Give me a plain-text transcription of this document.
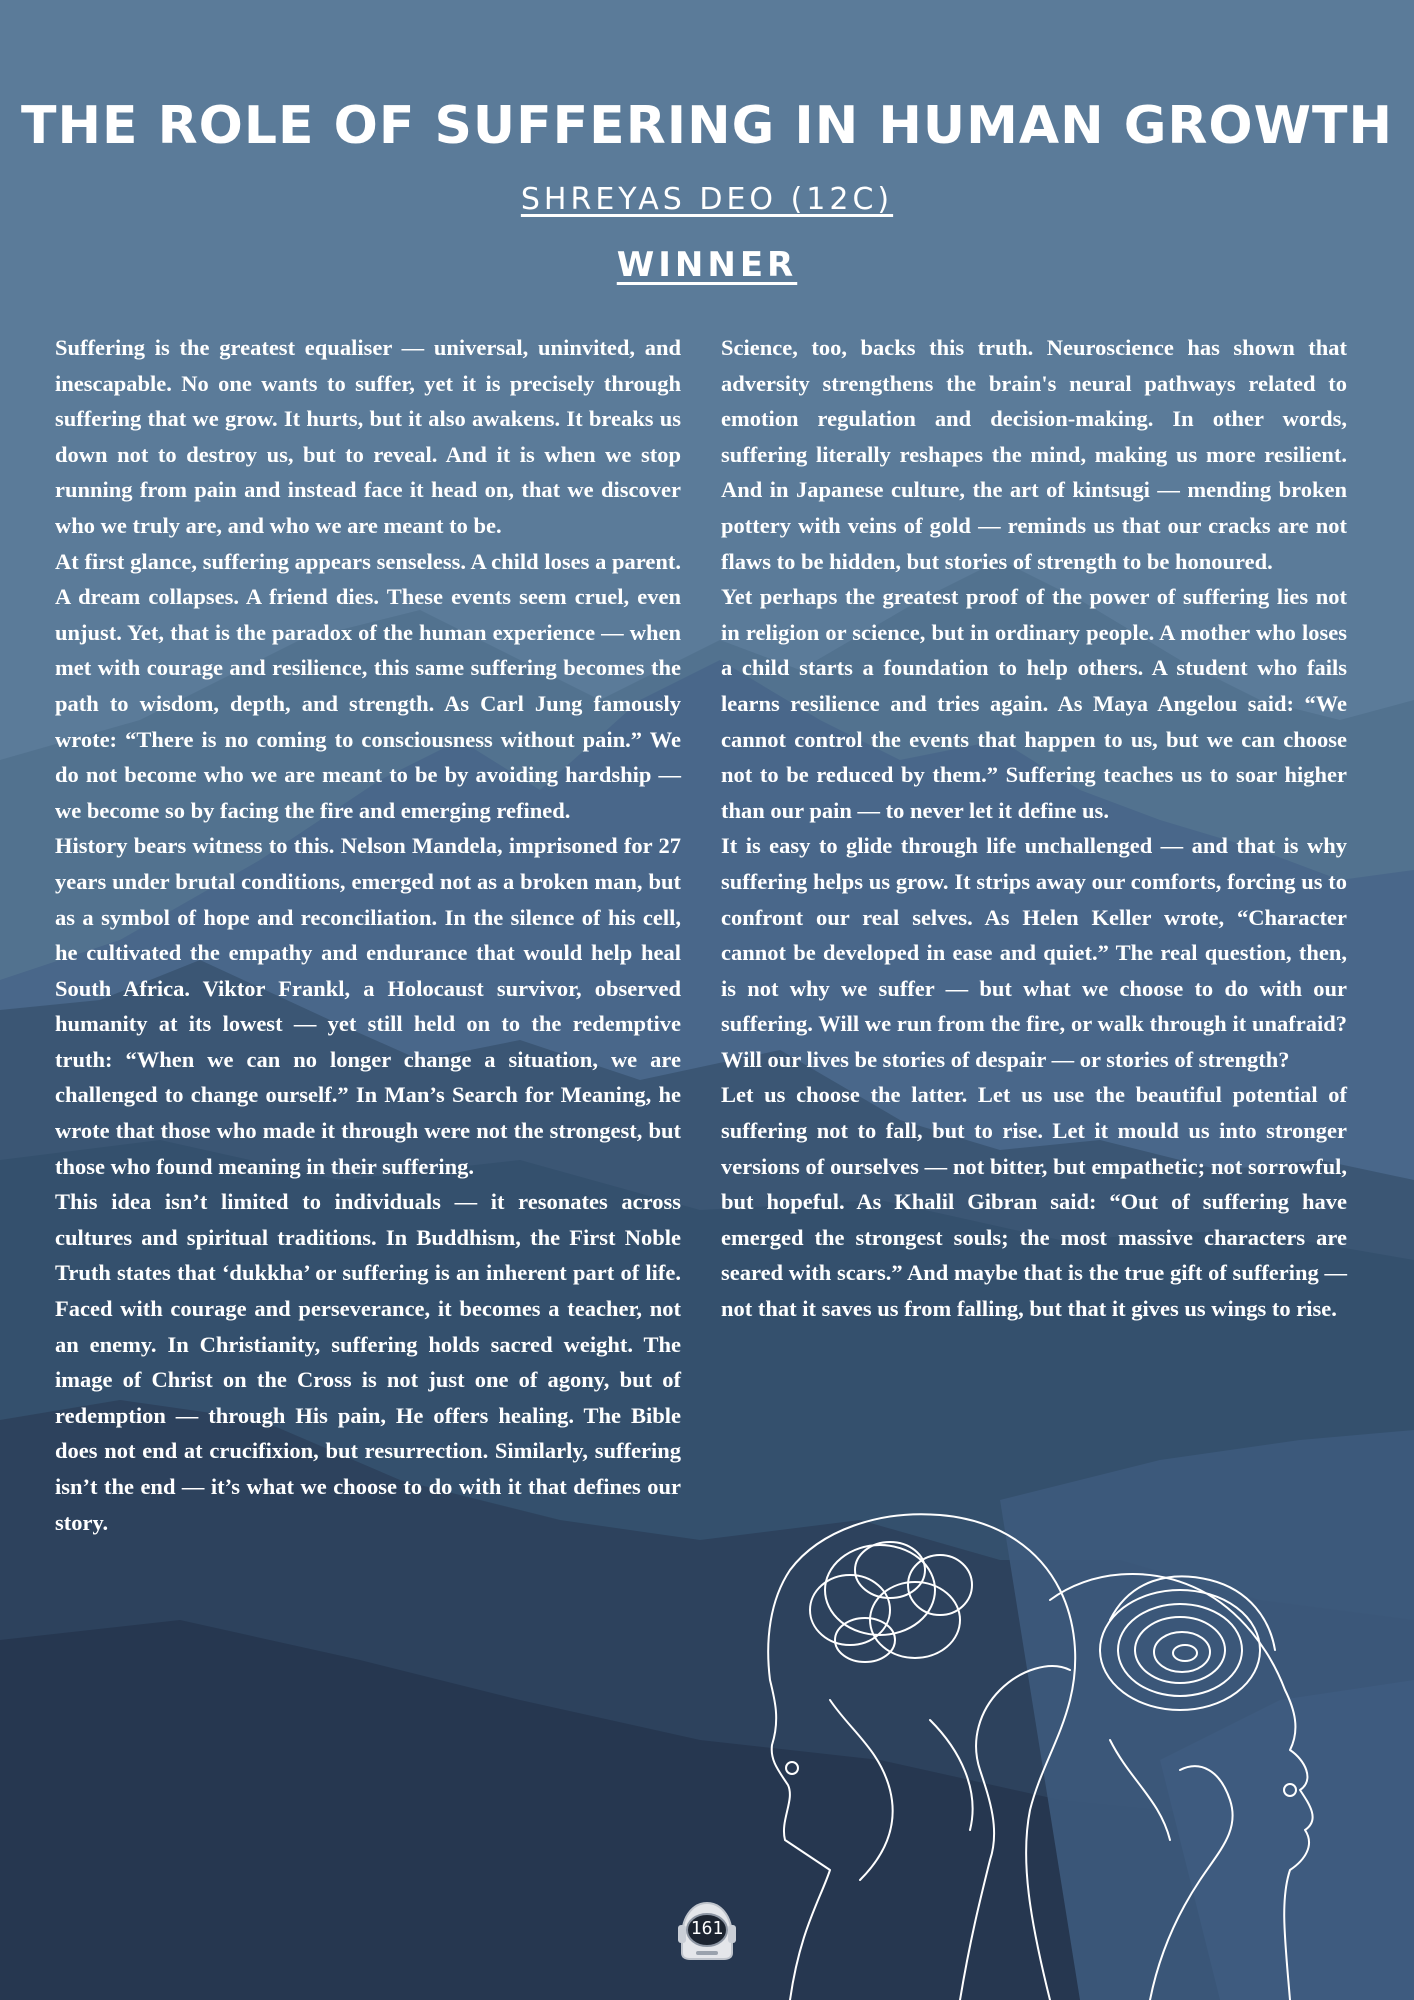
THE ROLE OF SUFFERING IN HUMAN GROWTH
SHREYAS DEO (12C)
WINNER

Suffering is the greatest equaliser — universal, uninvited, and inescapable. No one wants to suffer, yet it is precisely through suffering that we grow. It hurts, but it also awakens. It breaks us down not to destroy us, but to reveal. And it is when we stop running from pain and instead face it head on, that we discover who we truly are, and who we are meant to be.

At first glance, suffering appears senseless. A child loses a parent. A dream collapses. A friend dies. These events seem cruel, even unjust. Yet, that is the paradox of the human experience — when met with courage and resilience, this same suffering becomes the path to wisdom, depth, and strength. As Carl Jung famously wrote: “There is no coming to consciousness without pain.” We do not become who we are meant to be by avoiding hardship — we become so by facing the fire and emerging refined.

History bears witness to this. Nelson Mandela, imprisoned for 27 years under brutal conditions, emerged not as a broken man, but as a symbol of hope and reconciliation. In the silence of his cell, he cultivated the empathy and endurance that would help heal South Africa. Viktor Frankl, a Holocaust survivor, observed humanity at its lowest — yet still held on to the redemptive truth: “When we can no longer change a situation, we are challenged to change ourself.” In Man’s Search for Meaning, he wrote that those who made it through were not the strongest, but those who found meaning in their suffering.

This idea isn’t limited to individuals — it resonates across cultures and spiritual traditions. In Buddhism, the First Noble Truth states that ‘dukkha’ or suffering is an inherent part of life. Faced with courage and perseverance, it becomes a teacher, not an enemy. In Christianity, suffering holds sacred weight. The image of Christ on the Cross is not just one of agony, but of redemption — through His pain, He offers healing. The Bible does not end at crucifixion, but resurrection. Similarly, suffering isn’t the end — it’s what we choose to do with it that defines our story.

Science, too, backs this truth. Neuroscience has shown that adversity strengthens the brain's neural pathways related to emotion regulation and decision-making. In other words, suffering literally reshapes the mind, making us more resilient. And in Japanese culture, the art of kintsugi — mending broken pottery with veins of gold — reminds us that our cracks are not flaws to be hidden, but stories of strength to be honoured.

Yet perhaps the greatest proof of the power of suffering lies not in religion or science, but in ordinary people. A mother who loses a child starts a foundation to help others. A student who fails learns resilience and tries again. As Maya Angelou said: “We cannot control the events that happen to us, but we can choose not to be reduced by them.” Suffering teaches us to soar higher than our pain — to never let it define us.

It is easy to glide through life unchallenged — and that is why suffering helps us grow. It strips away our comforts, forcing us to confront our real selves. As Helen Keller wrote, “Character cannot be developed in ease and quiet.” The real question, then, is not why we suffer — but what we choose to do with our suffering. Will we run from the fire, or walk through it unafraid? Will our lives be stories of despair — or stories of strength?

Let us choose the latter. Let us use the beautiful potential of suffering not to fall, but to rise. Let it mould us into stronger versions of ourselves — not bitter, but empathetic; not sorrowful, but hopeful. As Khalil Gibran said: “Out of suffering have emerged the strongest souls; the most massive characters are seared with scars.” And maybe that is the true gift of suffering — not that it saves us from falling, but that it gives us wings to rise.

161
